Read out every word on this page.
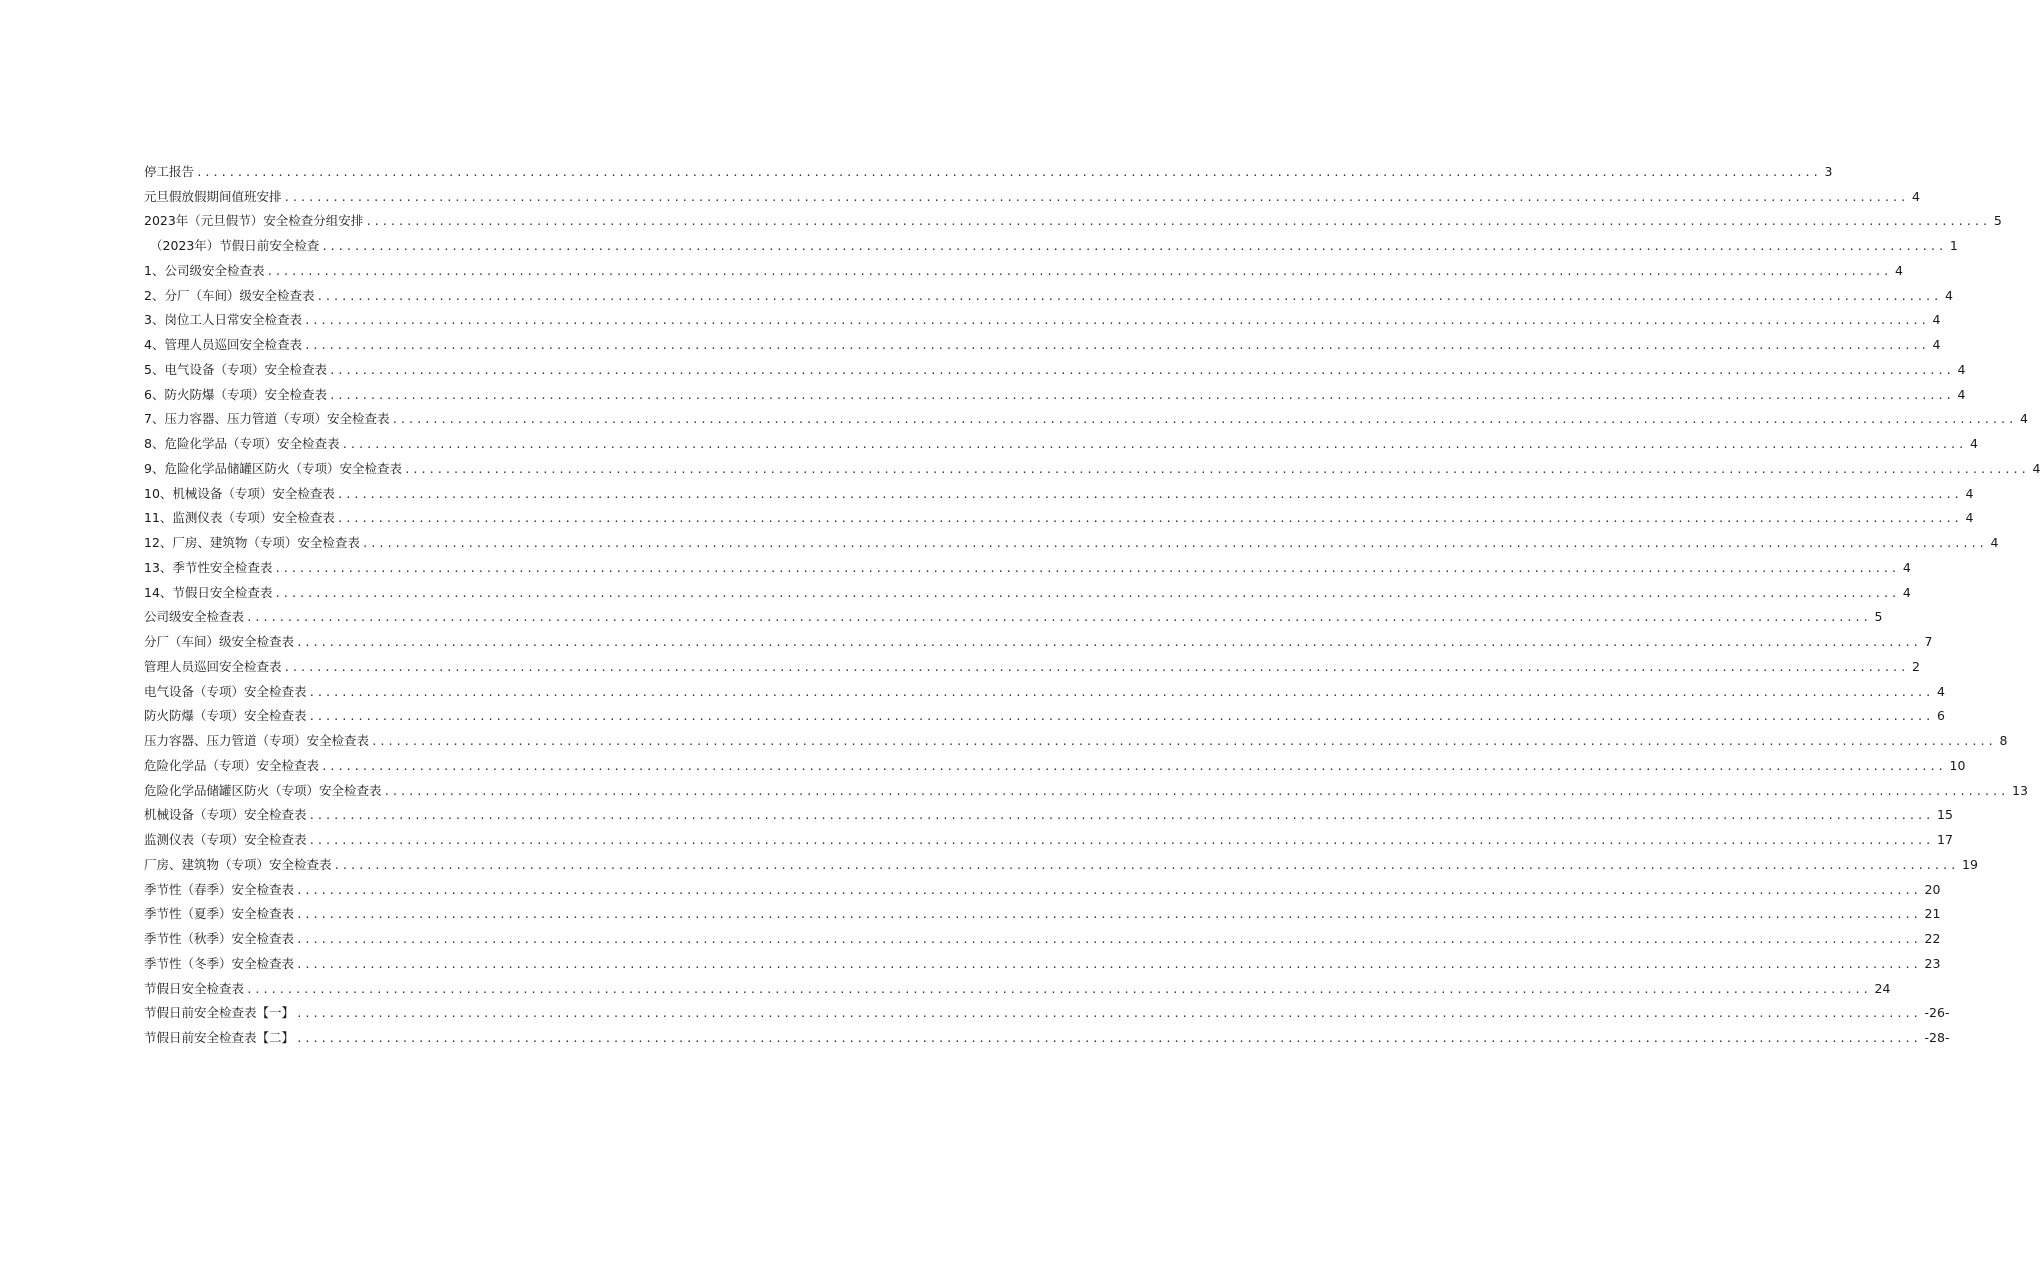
停工报告 ........................................................................................................................................................................................................ 3
元旦假放假期间值班安排 ........................................................................................................................................................................................................ 4
2023年（元旦假节）安全检查分组安排 ........................................................................................................................................................................................................ 5
（2023年）节假日前安全检查 ........................................................................................................................................................................................................ 1
1、公司级安全检查表 ........................................................................................................................................................................................................ 4
2、分厂（车间）级安全检查表 ........................................................................................................................................................................................................ 4
3、岗位工人日常安全检查表 ........................................................................................................................................................................................................ 4
4、管理人员巡回安全检查表 ........................................................................................................................................................................................................ 4
5、电气设备（专项）安全检查表 ........................................................................................................................................................................................................ 4
6、防火防爆（专项）安全检查表 ........................................................................................................................................................................................................ 4
7、压力容器、压力管道（专项）安全检查表 ........................................................................................................................................................................................................ 4
8、危险化学品（专项）安全检查表 ........................................................................................................................................................................................................ 4
9、危险化学品储罐区防火（专项）安全检查表 ........................................................................................................................................................................................................ 4
10、机械设备（专项）安全检查表 ........................................................................................................................................................................................................ 4
11、监测仪表（专项）安全检查表 ........................................................................................................................................................................................................ 4
12、厂房、建筑物（专项）安全检查表 ........................................................................................................................................................................................................ 4
13、季节性安全检查表 ........................................................................................................................................................................................................ 4
14、节假日安全检查表 ........................................................................................................................................................................................................ 4
公司级安全检查表 ........................................................................................................................................................................................................ 5
分厂（车间）级安全检查表 ........................................................................................................................................................................................................ 7
管理人员巡回安全检查表 ........................................................................................................................................................................................................ 2
电气设备（专项）安全检查表 ........................................................................................................................................................................................................ 4
防火防爆（专项）安全检查表 ........................................................................................................................................................................................................ 6
压力容器、压力管道（专项）安全检查表 ........................................................................................................................................................................................................ 8
危险化学品（专项）安全检查表 ........................................................................................................................................................................................................ 10
危险化学品储罐区防火（专项）安全检查表 ........................................................................................................................................................................................................ 13
机械设备（专项）安全检查表 ........................................................................................................................................................................................................ 15
监测仪表（专项）安全检查表 ........................................................................................................................................................................................................ 17
厂房、建筑物（专项）安全检查表 ........................................................................................................................................................................................................ 19
季节性（春季）安全检查表 ........................................................................................................................................................................................................ 20
季节性（夏季）安全检查表 ........................................................................................................................................................................................................ 21
季节性（秋季）安全检查表 ........................................................................................................................................................................................................ 22
季节性（冬季）安全检查表 ........................................................................................................................................................................................................ 23
节假日安全检查表 ........................................................................................................................................................................................................ 24
节假日前安全检查表【一】 ........................................................................................................................................................................................................ -26-
节假日前安全检查表【二】 ........................................................................................................................................................................................................ -28-
